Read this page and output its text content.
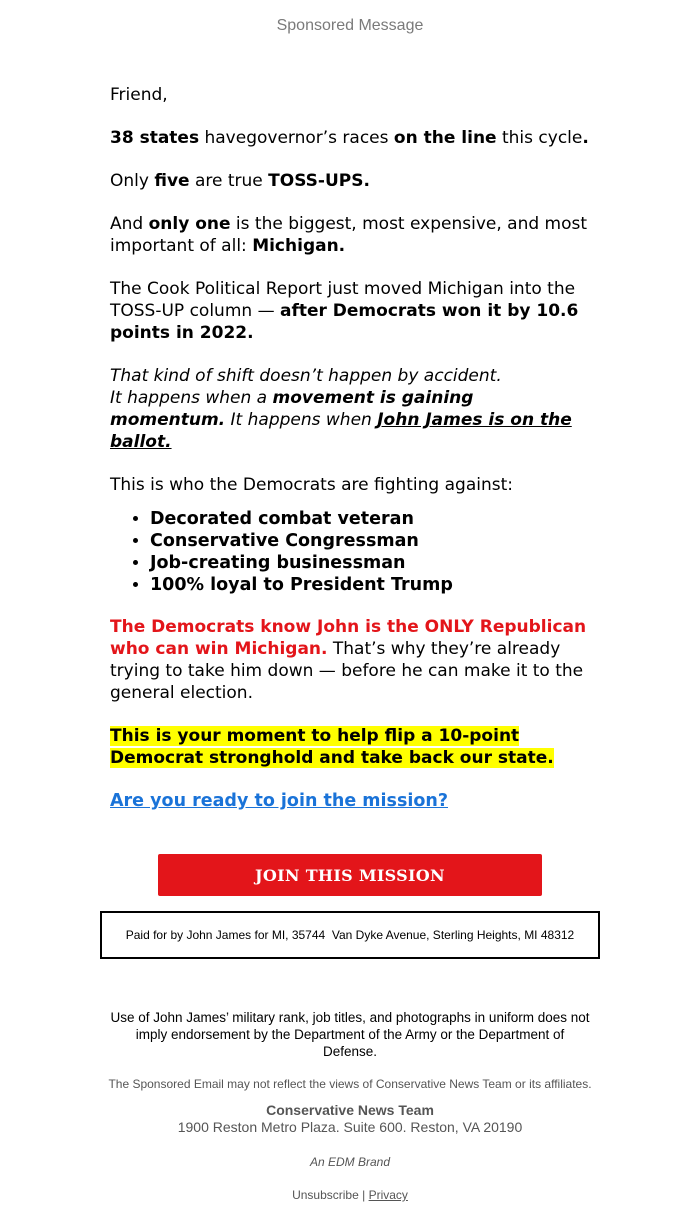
Sponsored Message

Friend,

38 states havegovernor’s races on the line this cycle.

Only five are true TOSS-UPS.

And only one is the biggest, most expensive, and most important of all: Michigan.

The Cook Political Report just moved Michigan into the TOSS-UP column — after Democrats won it by 10.6 points in 2022.

That kind of shift doesn’t happen by accident.
It happens when a movement is gaining momentum. It happens when John James is on the ballot.

This is who the Democrats are fighting against:

• Decorated combat veteran
• Conservative Congressman
• Job-creating businessman
• 100% loyal to President Trump

The Democrats know John is the ONLY Republican who can win Michigan. That’s why they’re already trying to take him down — before he can make it to the general election.

This is your moment to help flip a 10-point Democrat stronghold and take back our state.

Are you ready to join the mission?

JOIN THIS MISSION
Paid for by John James for MI, 35744  Van Dyke Avenue, Sterling Heights, MI 48312
Use of John James’ military rank, job titles, and photographs in uniform does not imply endorsement by the Department of the Army or the Department of Defense.
The Sponsored Email may not reflect the views of Conservative News Team or its affiliates.
Conservative News Team
1900 Reston Metro Plaza. Suite 600. Reston, VA 20190
An EDM Brand
Unsubscribe | Privacy
